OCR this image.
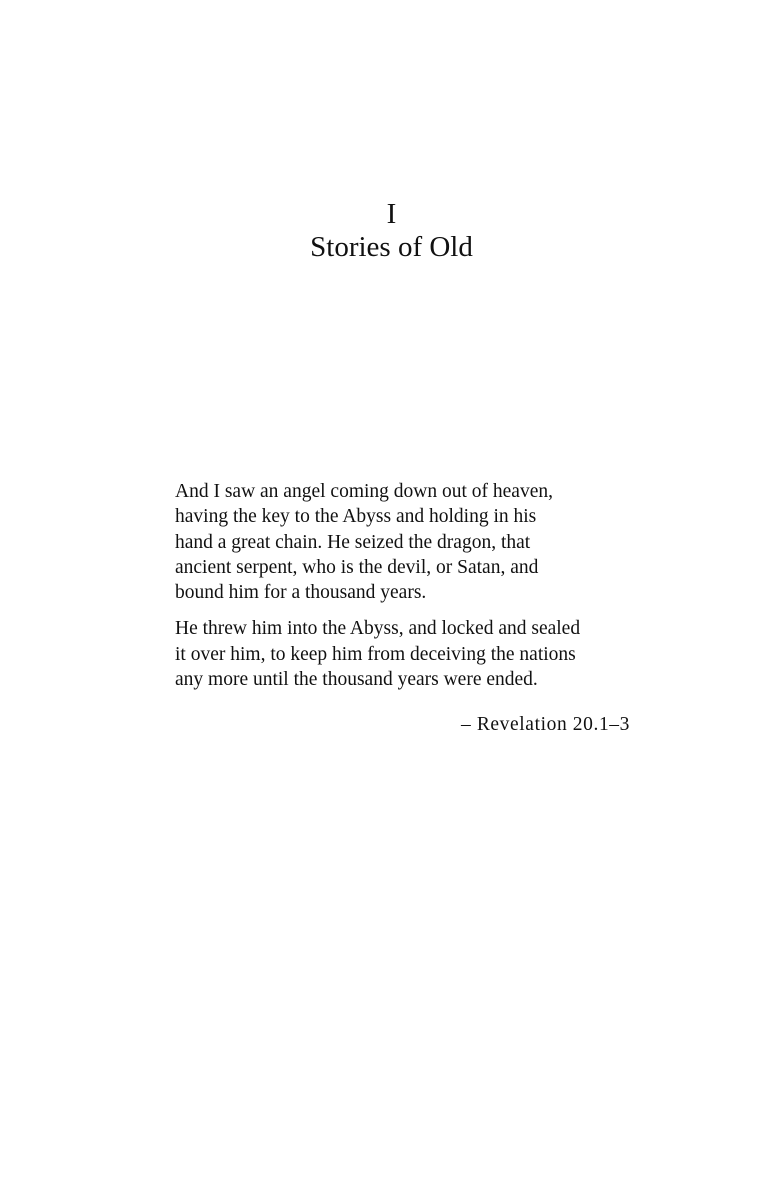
I
Stories of Old

And I saw an angel coming down out of heaven,
having the key to the Abyss and holding in his
hand a great chain. He seized the dragon, that
ancient serpent, who is the devil, or Satan, and
bound him for a thousand years.

He threw him into the Abyss, and locked and sealed
it over him, to keep him from deceiving the nations
any more until the thousand years were ended.

– Revelation 20.1–3
